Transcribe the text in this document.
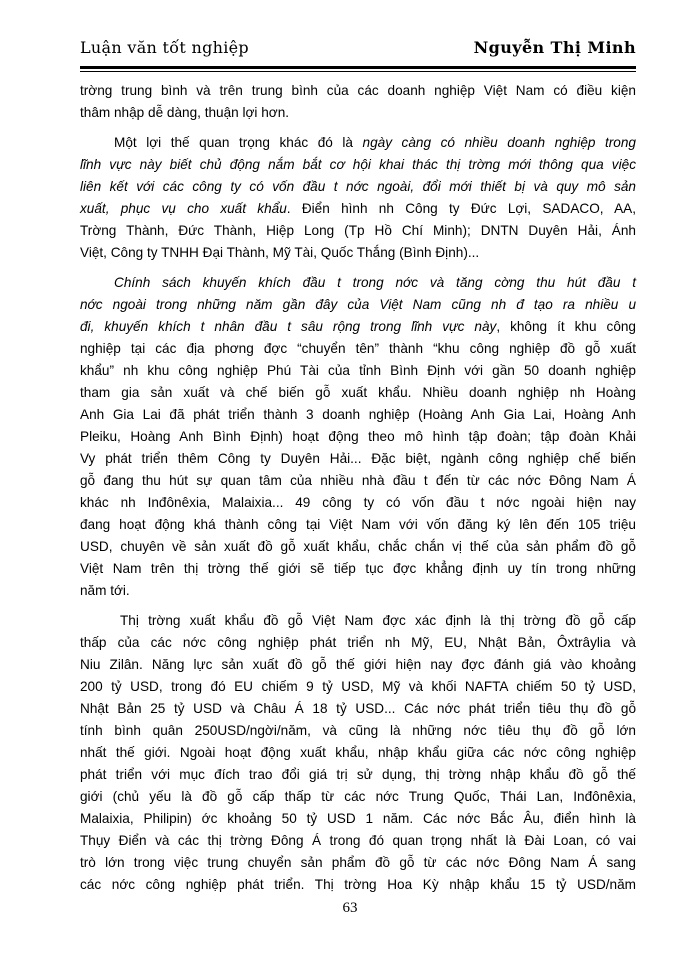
Luận văn tốt nghiệp	Nguyễn Thị Minh
trờng trung bình và trên trung bình của các doanh nghiệp Việt Nam có điều kiện
thâm nhập dễ dàng, thuận lợi hơn.
Một lợi thế quan trọng khác đó là ngày càng có nhiều doanh nghiệp trong
lĩnh vực này biết chủ động nắm bắt cơ hội khai thác thị trờng mới thông qua việc
liên kết với các công ty có vốn đầu t nớc ngoài, đổi mới thiết bị và quy mô sản
xuất, phục vụ cho xuất khẩu. Điển hình nh Công ty Đức Lợi, SADACO, AA,
Trờng Thành, Đức Thành, Hiệp Long (Tp Hồ Chí Minh); DNTN Duyên Hải, Ánh
Việt, Công ty TNHH Đại Thành, Mỹ Tài, Quốc Thắng (Bình Định)...
Chính sách khuyến khích đầu t trong nớc và tăng cờng thu hút đầu t
nớc ngoài trong những năm gần đây của Việt Nam cũng nh đ tạo ra nhiều u
đi, khuyến khích t nhân đầu t sâu rộng trong lĩnh vực này, không ít khu công
nghiệp tại các địa phơng đợc “chuyển tên” thành “khu công nghiệp đồ gỗ xuất
khẩu” nh khu công nghiệp Phú Tài của tỉnh Bình Định với gần 50 doanh nghiệp
tham gia sản xuất và chế biến gỗ xuất khẩu. Nhiều doanh nghiệp nh Hoàng
Anh Gia Lai đã phát triển thành 3 doanh nghiệp (Hoàng Anh Gia Lai, Hoàng Anh
Pleiku, Hoàng Anh Bình Định) hoạt động theo mô hình tập đoàn; tập đoàn Khải
Vy phát triển thêm Công ty Duyên Hải... Đặc biệt, ngành công nghiệp chế biến
gỗ đang thu hút sự quan tâm của nhiều nhà đầu t đến từ các nớc Đông Nam Á
khác nh Inđônêxia, Malaixia... 49 công ty có vốn đầu t nớc ngoài hiện nay
đang hoạt động khá thành công tại Việt Nam với vốn đăng ký lên đến 105 triệu
USD, chuyên về sản xuất đồ gỗ xuất khẩu, chắc chắn vị thế của sản phẩm đồ gỗ
Việt Nam trên thị trờng thế giới sẽ tiếp tục đợc khẳng định uy tín trong những
năm tới.
Thị trờng xuất khẩu đồ gỗ Việt Nam đợc xác định là thị trờng đồ gỗ cấp
thấp của các nớc công nghiệp phát triển nh Mỹ, EU, Nhật Bản, Ôxtrâylia và
Niu Zilân. Năng lực sản xuất đồ gỗ thế giới hiện nay đợc đánh giá vào khoảng
200 tỷ USD, trong đó EU chiếm 9 tỷ USD, Mỹ và khối NAFTA chiếm 50 tỷ USD,
Nhật Bản 25 tỷ USD và Châu Á 18 tỷ USD... Các nớc phát triển tiêu thụ đồ gỗ
tính bình quân 250USD/ngời/năm, và cũng là những nớc tiêu thụ đồ gỗ lớn
nhất thế giới. Ngoài hoạt động xuất khẩu, nhập khẩu giữa các nớc công nghiệp
phát triển với mục đích trao đổi giá trị sử dụng, thị trờng nhập khẩu đồ gỗ thế
giới (chủ yếu là đồ gỗ cấp thấp từ các nớc Trung Quốc, Thái Lan, Inđônêxia,
Malaixia, Philipin) ớc khoảng 50 tỷ USD 1 năm. Các nớc Bắc Âu, điển hình là
Thụy Điển và các thị trờng Đông Á trong đó quan trọng nhất là Đài Loan, có vai
trò lớn trong việc trung chuyển sản phẩm đồ gỗ từ các nớc Đông Nam Á sang
các nớc công nghiệp phát triển. Thị trờng Hoa Kỳ nhập khẩu 15 tỷ USD/năm
63
